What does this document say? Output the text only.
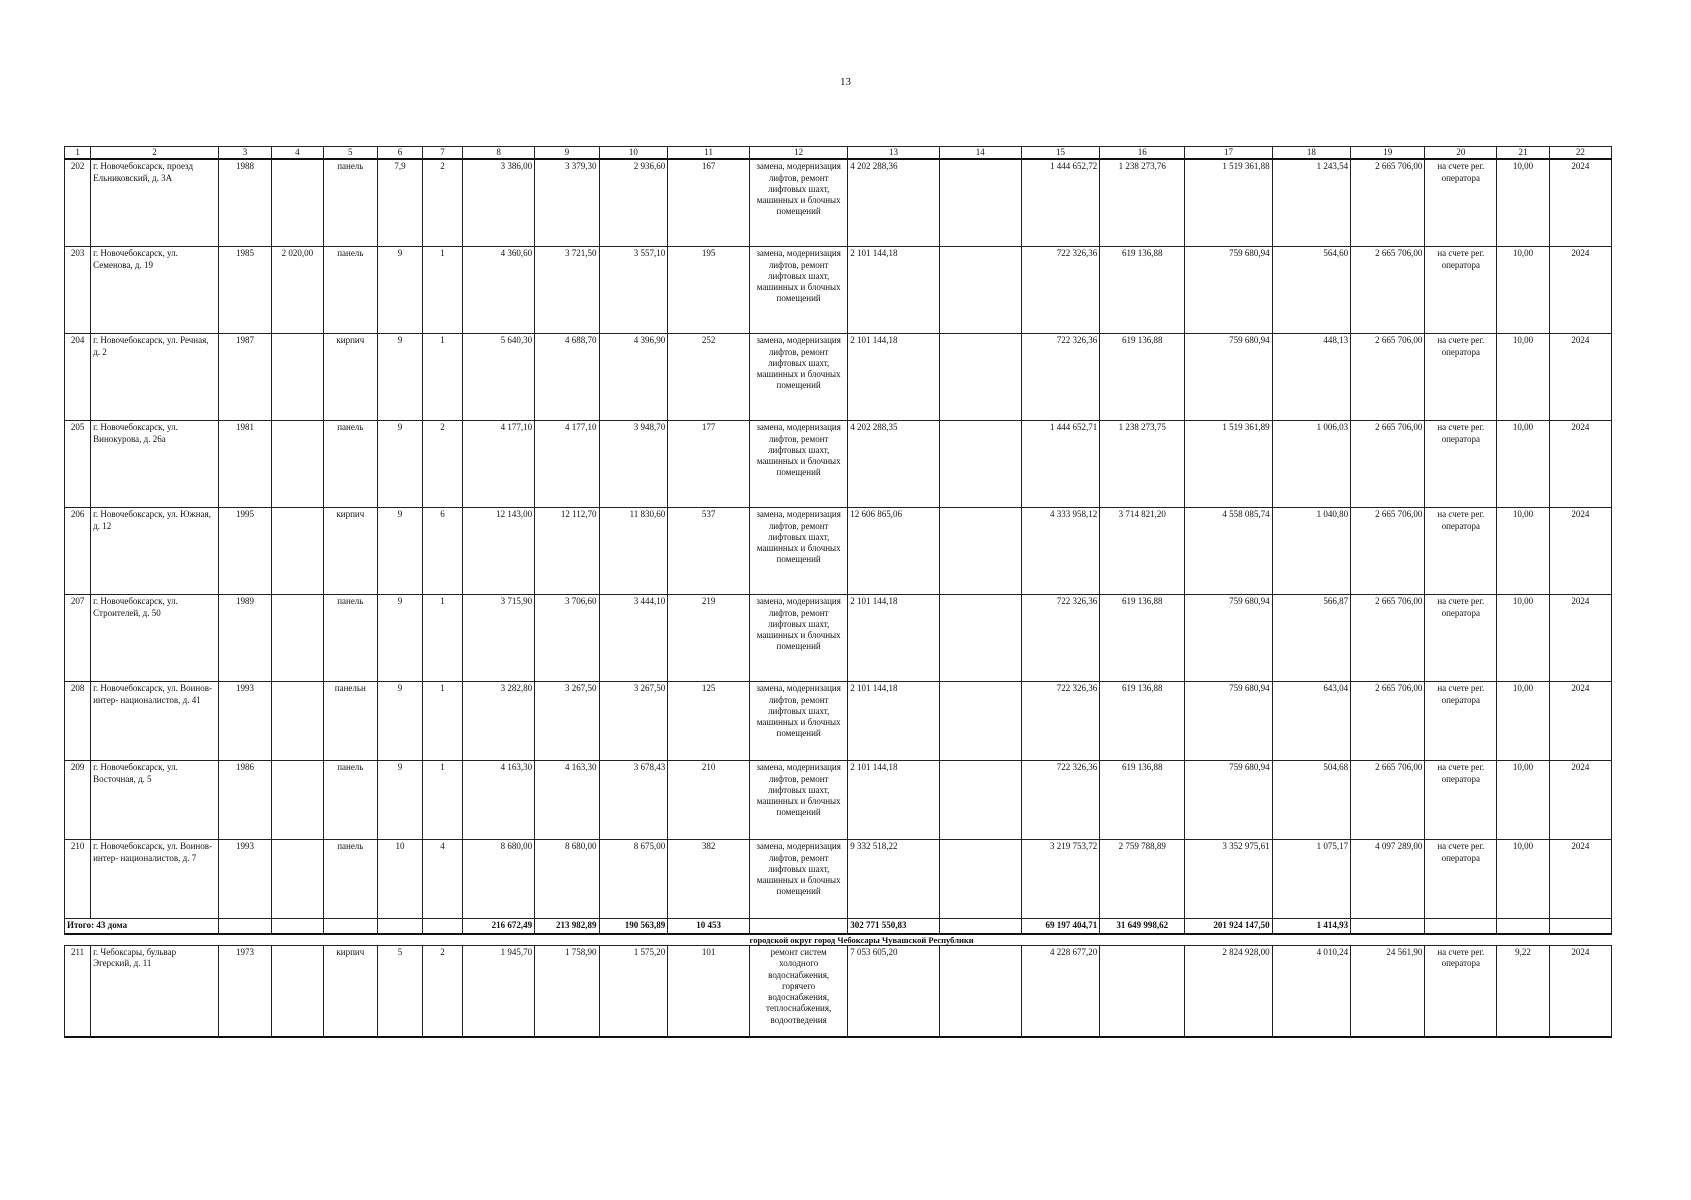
13
1	2	3	4	5	6	7	8	9	10	11	12	13	14	15	16	17	18	19	20	21	22
202	г. Новочебоксарск, проезд Ельниковский, д. 3А	1988		панель	7,9	2	3 386,00	3 379,30	2 936,60	167	замена, модернизация лифтов, ремонт лифтовых шахт, машинных и блочных помещений	4 202 288,36		1 444 652,72	1 238 273,76	1 519 361,88	1 243,54	2 665 706,00	на счете рег. оператора	10,00	2024
203	г. Новочебоксарск, ул. Семенова, д. 19	1985	2 020,00	панель	9	1	4 360,60	3 721,50	3 557,10	195	замена, модернизация лифтов, ремонт лифтовых шахт, машинных и блочных помещений	2 101 144,18		722 326,36	619 136,88	759 680,94	564,60	2 665 706,00	на счете рег. оператора	10,00	2024
204	г. Новочебоксарск, ул. Речная, д. 2	1987		кирпич	9	1	5 640,30	4 688,70	4 396,90	252	замена, модернизация лифтов, ремонт лифтовых шахт, машинных и блочных помещений	2 101 144,18		722 326,36	619 136,88	759 680,94	448,13	2 665 706,00	на счете рег. оператора	10,00	2024
205	г. Новочебоксарск, ул. Винокурова, д. 26а	1981		панель	9	2	4 177,10	4 177,10	3 948,70	177	замена, модернизация лифтов, ремонт лифтовых шахт, машинных и блочных помещений	4 202 288,35		1 444 652,71	1 238 273,75	1 519 361,89	1 006,03	2 665 706,00	на счете рег. оператора	10,00	2024
206	г. Новочебоксарск, ул. Южная, д. 12	1995		кирпич	9	6	12 143,00	12 112,70	11 830,60	537	замена, модернизация лифтов, ремонт лифтовых шахт, машинных и блочных помещений	12 606 865,06		4 333 958,12	3 714 821,20	4 558 085,74	1 040,80	2 665 706,00	на счете рег. оператора	10,00	2024
207	г. Новочебоксарск, ул. Строителей, д. 50	1989		панель	9	1	3 715,90	3 706,60	3 444,10	219	замена, модернизация лифтов, ремонт лифтовых шахт, машинных и блочных помещений	2 101 144,18		722 326,36	619 136,88	759 680,94	566,87	2 665 706,00	на счете рег. оператора	10,00	2024
208	г. Новочебоксарск, ул. Воинов-интер- националистов, д. 41	1993		панельн	9	1	3 282,80	3 267,50	3 267,50	125	замена, модернизация лифтов, ремонт лифтовых шахт, машинных и блочных помещений	2 101 144,18		722 326,36	619 136,88	759 680,94	643,04	2 665 706,00	на счете рег. оператора	10,00	2024
209	г. Новочебоксарск, ул. Восточная, д. 5	1986		панель	9	1	4 163,30	4 163,30	3 678,43	210	замена, модернизация лифтов, ремонт лифтовых шахт, машинных и блочных помещений	2 101 144,18		722 326,36	619 136,88	759 680,94	504,68	2 665 706,00	на счете рег. оператора	10,00	2024
210	г. Новочебоксарск, ул. Воинов-интер- националистов, д. 7	1993		панель	10	4	8 680,00	8 680,00	8 675,00	382	замена, модернизация лифтов, ремонт лифтовых шахт, машинных и блочных помещений	9 332 518,22		3 219 753,72	2 759 788,89	3 352 975,61	1 075,17	4 097 289,00	на счете рег. оператора	10,00	2024
Итого: 43 дома							216 672,49	213 982,89	190 563,89	10 453		302 771 550,83		69 197 404,71	31 649 998,62	201 924 147,50	1 414,93				
											городской округ город Чебоксары Чувашской Республики										
211	г. Чебоксары, бульвар Эгерский, д. 11	1973		кирпич	5	2	1 945,70	1 758,90	1 575,20	101	ремонт систем холодного водоснабжения, горячего водоснабжения, теплоснабжения, водоотведения	7 053 605,20		4 228 677,20		2 824 928,00	4 010,24	24 561,90	на счете рег. оператора	9,22	2024
